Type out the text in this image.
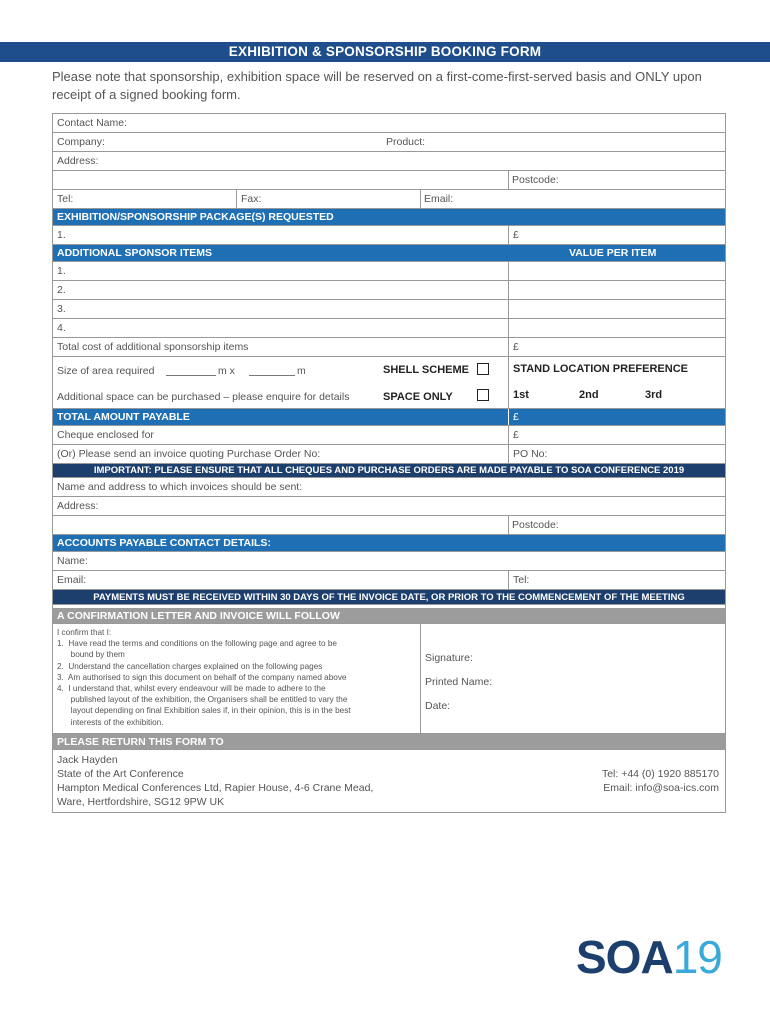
EXHIBITION & SPONSORSHIP BOOKING FORM
Please note that sponsorship, exhibition space will be reserved on a first-come-first-served basis and ONLY upon receipt of a signed booking form.
Contact Name:
Company:	Product:
Address:
Postcode:
Tel:	Fax:	Email:
EXHIBITION/SPONSORSHIP PACKAGE(S) REQUESTED
1.	£
ADDITIONAL SPONSOR ITEMS	VALUE PER ITEM
1.
2.
3.
4.
Total cost of additional sponsorship items	£
Size of area required	m x	m	SHELL SCHEME	STAND LOCATION PREFERENCE
Additional space can be purchased – please enquire for details	SPACE ONLY	1st	2nd	3rd
TOTAL AMOUNT PAYABLE	£
Cheque enclosed for	£
(Or) Please send an invoice quoting Purchase Order No:	PO No:
IMPORTANT: PLEASE ENSURE THAT ALL CHEQUES AND PURCHASE ORDERS ARE MADE PAYABLE TO SOA CONFERENCE 2019
Name and address to which invoices should be sent:
Address:
Postcode:
ACCOUNTS PAYABLE CONTACT DETAILS:
Name:
Email:	Tel:
PAYMENTS MUST BE RECEIVED WITHIN 30 DAYS OF THE INVOICE DATE, OR PRIOR TO THE COMMENCEMENT OF THE MEETING
A CONFIRMATION LETTER AND INVOICE WILL FOLLOW
I confirm that I:
1.  Have read the terms and conditions on the following page and agree to be
bound by them
2.  Understand the cancellation charges explained on the following pages
3.  Am authorised to sign this document on behalf of the company named above
4.  I understand that, whilst every endeavour will be made to adhere to the
published layout of the exhibition, the Organisers shall be entitled to vary the
layout depending on final Exhibition sales if, in their opinion, this is in the best
interests of the exhibition.
Signature:
Printed Name:
Date:
PLEASE RETURN THIS FORM TO
Jack Hayden
State of the Art Conference
Hampton Medical Conferences Ltd, Rapier House, 4-6 Crane Mead,
Ware, Hertfordshire, SG12 9PW UK
Tel: +44 (0) 1920 885170
Email: info@soa-ics.com
SOA19
